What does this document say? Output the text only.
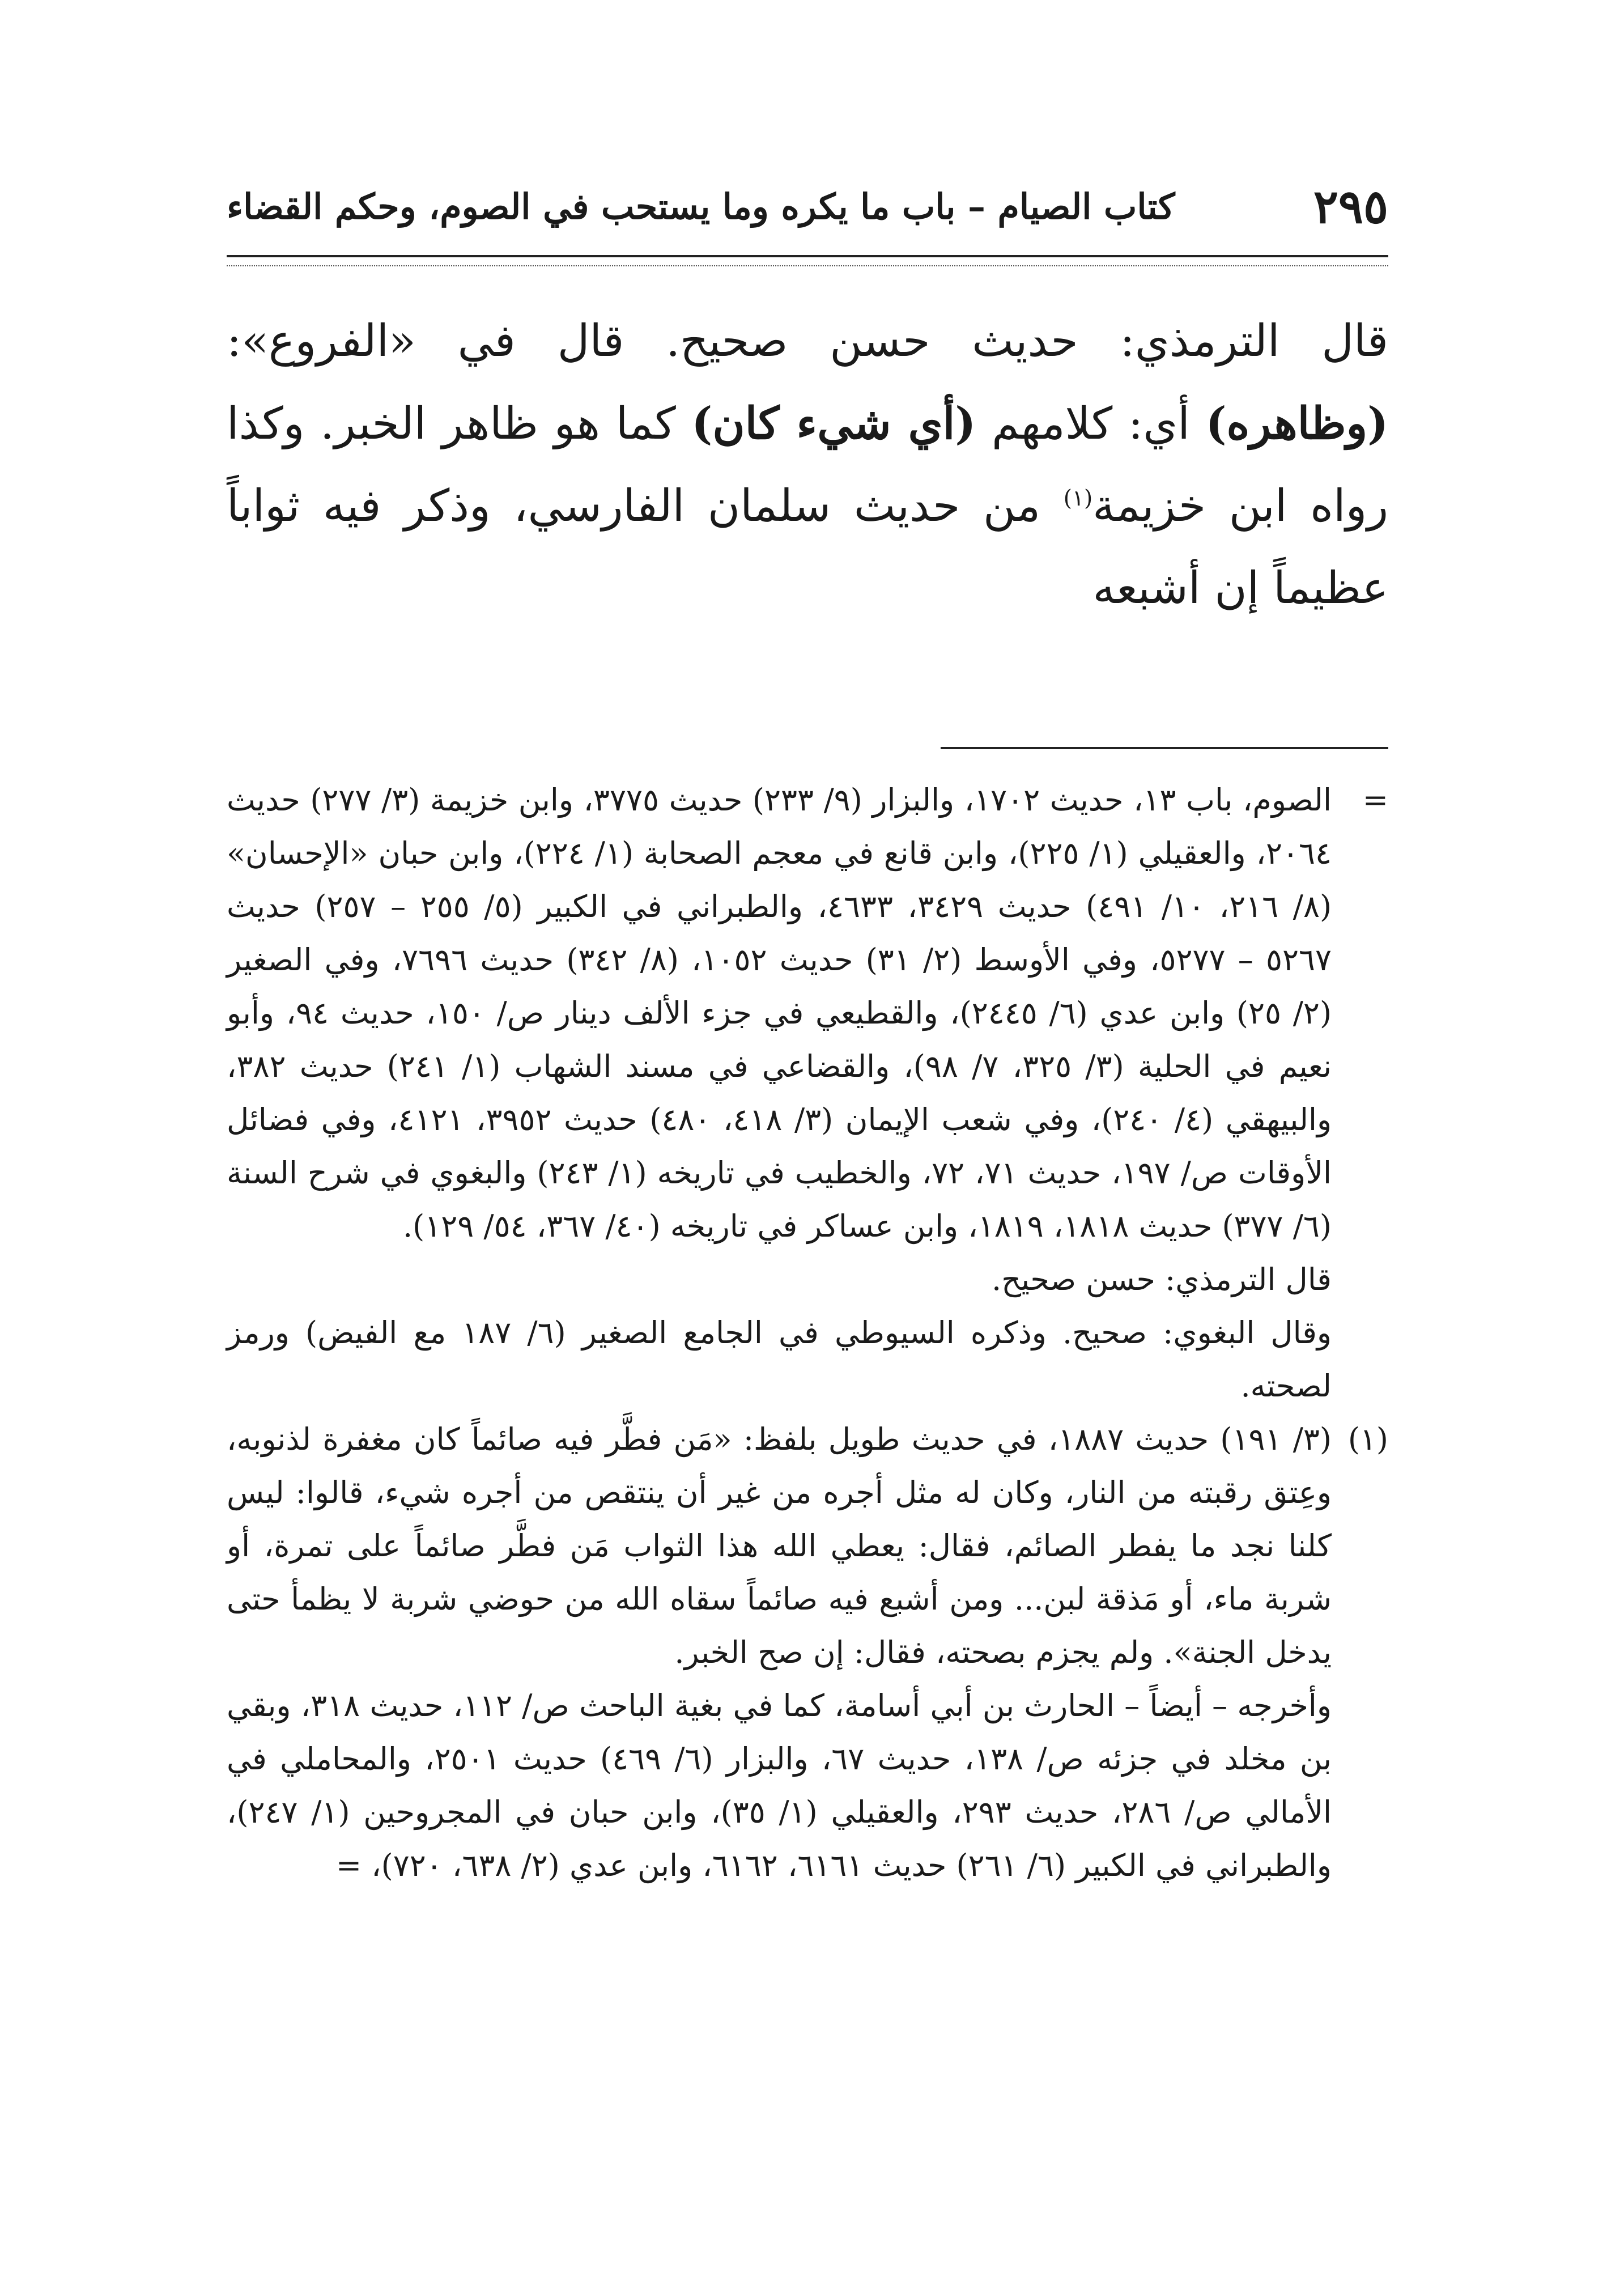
٢٩٥
كتاب الصيام – باب ما يكره وما يستحب في الصوم، وحكم القضاء
قال الترمذي: حديث حسن صحيح. قال في «الفروع»: (وظاهره) أي: كلامهم (أي شيء كان) كما هو ظاهر الخبر. وكذا رواه ابن خزيمة$^{(١)}$ من حديث سلمان الفارسي، وذكر فيه ثواباً عظيماً إن أشبعه
=

الصوم، باب ١٣، حديث ١٧٠٢، والبزار (٩/ ٢٣٣) حديث ٣٧٧٥، وابن خزيمة (٣/ ٢٧٧) حديث ٢٠٦٤، والعقيلي (١/ ٢٢٥)، وابن قانع في معجم الصحابة (١/ ٢٢٤)، وابن حبان «الإحسان» (٨/ ٢١٦، ١٠/ ٤٩١) حديث ٣٤٢٩، ٤٦٣٣، والطبراني في الكبير (٥/ ٢٥٥ – ٢٥٧) حديث ٥٢٦٧ – ٥٢٧٧، وفي الأوسط (٢/ ٣١) حديث ١٠٥٢، (٨/ ٣٤٢) حديث ٧٦٩٦، وفي الصغير (٢/ ٢٥) وابن عدي (٦/ ٢٤٤٥)، والقطيعي في جزء الألف دينار ص/ ١٥٠، حديث ٩٤، وأبو نعيم في الحلية (٣/ ٣٢٥، ٧/ ٩٨)، والقضاعي في مسند الشهاب (١/ ٢٤١) حديث ٣٨٢، والبيهقي (٤/ ٢٤٠)، وفي شعب الإيمان (٣/ ٤١٨، ٤٨٠) حديث ٣٩٥٢، ٤١٢١، وفي فضائل الأوقات ص/ ١٩٧، حديث ٧١، ٧٢، والخطيب في تاريخه (١/ ٢٤٣) والبغوي في شرح السنة (٦/ ٣٧٧) حديث ١٨١٨، ١٨١٩، وابن عساكر في تاريخه (٤٠/ ٣٦٧، ٥٤/ ١٢٩).

قال الترمذي: حسن صحيح.

وقال البغوي: صحيح. وذكره السيوطي في الجامع الصغير (٦/ ١٨٧ مع الفيض) ورمز لصحته.

(١)

(٣/ ١٩١) حديث ١٨٨٧، في حديث طويل بلفظ: «مَن فطَّر فيه صائماً كان مغفرة لذنوبه، وعِتق رقبته من النار، وكان له مثل أجره من غير أن ينتقص من أجره شيء، قالوا: ليس كلنا نجد ما يفطر الصائم، فقال: يعطي الله هذا الثواب مَن فطَّر صائماً على تمرة، أو شربة ماء، أو مَذقة لبن... ومن أشبع فيه صائماً سقاه الله من حوضي شربة لا يظمأ حتى يدخل الجنة». ولم يجزم بصحته، فقال: إن صح الخبر.

وأخرجه – أيضاً – الحارث بن أبي أسامة، كما في بغية الباحث ص/ ١١٢، حديث ٣١٨، وبقي بن مخلد في جزئه ص/ ١٣٨، حديث ٦٧، والبزار (٦/ ٤٦٩) حديث ٢٥٠١، والمحاملي في الأمالي ص/ ٢٨٦، حديث ٢٩٣، والعقيلي (١/ ٣٥)، وابن حبان في المجروحين (١/ ٢٤٧)، والطبراني في الكبير (٦/ ٢٦١) حديث ٦١٦١، ٦١٦٢، وابن عدي (٢/ ٦٣٨، ٧٢٠)، =
